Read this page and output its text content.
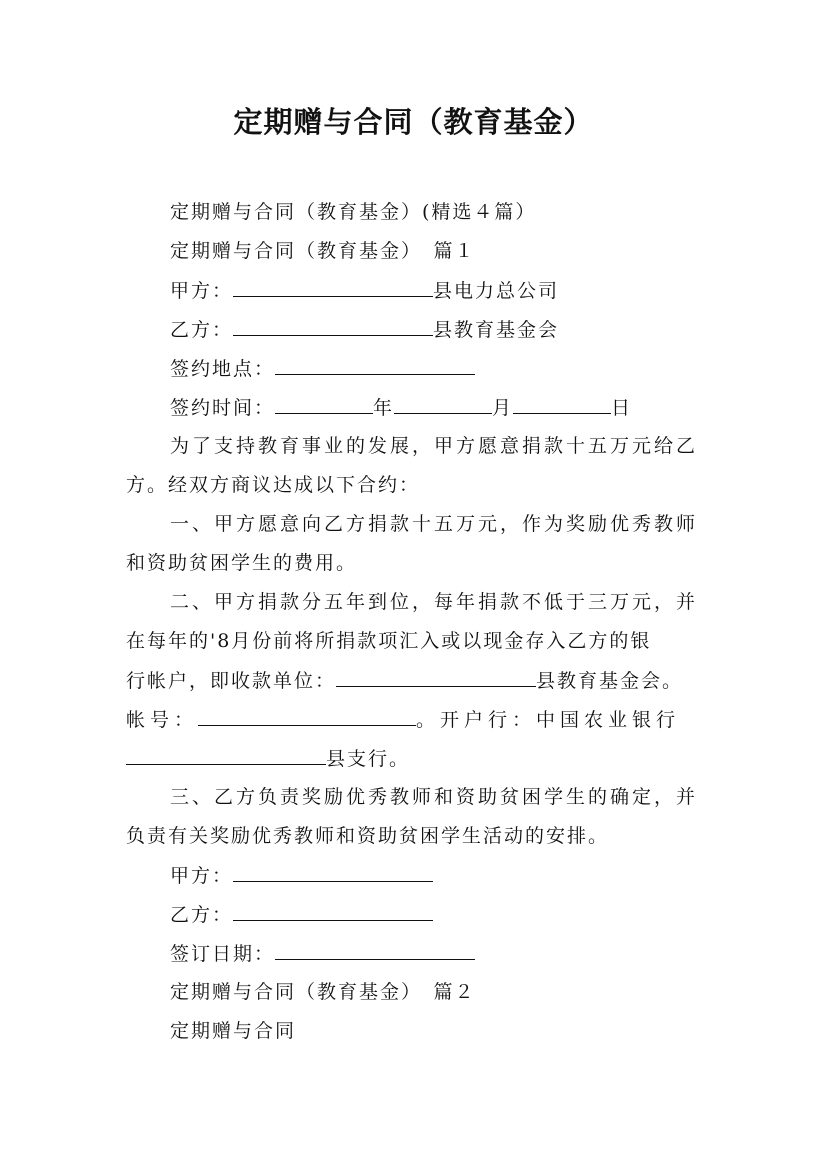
定期赠与合同（教育基金）
定期赠与合同（教育基金）(精选４篇）
定期赠与合同（教育基金）　篇１
甲方：	县电力总公司
乙方：	县教育基金会
签约地点：
签约时间：	年	月	日
为了支持教育事业的发展，甲方愿意捐款十五万元给乙
方。经双方商议达成以下合约：
一、甲方愿意向乙方捐款十五万元，作为奖励优秀教师
和资助贫困学生的费用。
二、甲方捐款分五年到位，每年捐款不低于三万元，并
在每年的'8月份前将所捐款项汇入或以现金存入乙方的银
行帐户，即收款单位：	县教育基金会。
帐号：	。开户行：中国农业银行
县支行。
三、乙方负责奖励优秀教师和资助贫困学生的确定，并
负责有关奖励优秀教师和资助贫困学生活动的安排。
甲方：
乙方：
签订日期：
定期赠与合同（教育基金）　篇２
定期赠与合同
